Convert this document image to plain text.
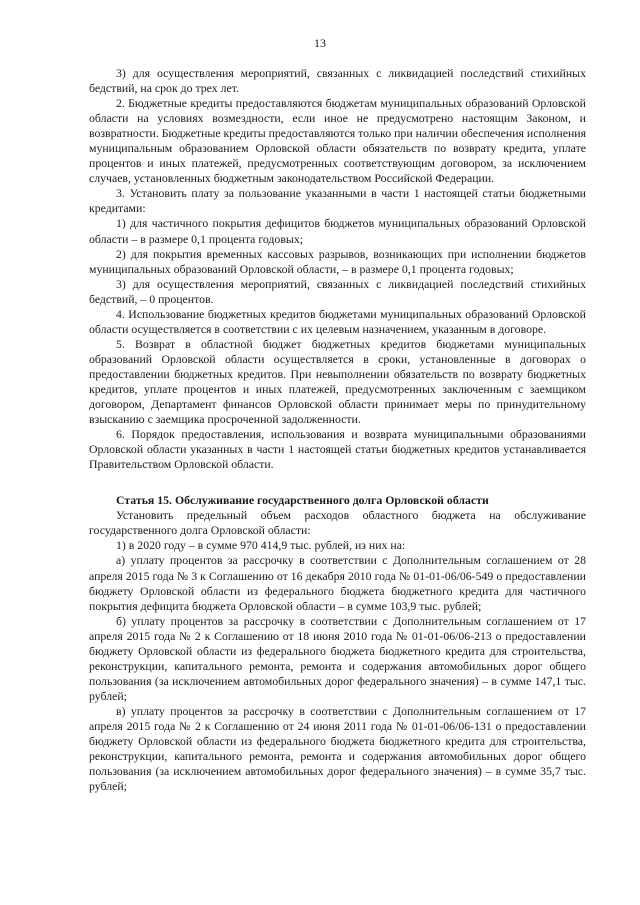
13

3) для осуществления мероприятий, связанных с ликвидацией последствий стихийных бедствий, на срок до трех лет.

2. Бюджетные кредиты предоставляются бюджетам муниципальных образований Орловской области на условиях возмездности, если иное не предусмотрено настоящим Законом, и возвратности. Бюджетные кредиты предоставляются только при наличии обеспечения исполнения муниципальным образованием Орловской области обязательств по возврату кредита, уплате процентов и иных платежей, предусмотренных соответствующим договором, за исключением случаев, установленных бюджетным законодательством Российской Федерации.

3. Установить плату за пользование указанными в части 1 настоящей статьи бюджетными кредитами:

1) для частичного покрытия дефицитов бюджетов муниципальных образований Орловской области – в размере 0,1 процента годовых;

2) для покрытия временных кассовых разрывов, возникающих при исполнении бюджетов муниципальных образований Орловской области, – в размере 0,1 процента годовых;

3) для осуществления мероприятий, связанных с ликвидацией последствий стихийных бедствий, – 0 процентов.

4. Использование бюджетных кредитов бюджетами муниципальных образований Орловской области осуществляется в соответствии с их целевым назначением, указанным в договоре.

5. Возврат в областной бюджет бюджетных кредитов бюджетами муниципальных образований Орловской области осуществляется в сроки, установленные в договорах о предоставлении бюджетных кредитов. При невыполнении обязательств по возврату бюджетных кредитов, уплате процентов и иных платежей, предусмотренных заключенным с заемщиком договором, Департамент финансов Орловской области принимает меры по принудительному взысканию с заемщика просроченной задолженности.

6. Порядок предоставления, использования и возврата муниципальными образованиями Орловской области указанных в части 1 настоящей статьи бюджетных кредитов устанавливается Правительством Орловской области.

Статья 15. Обслуживание государственного долга Орловской области

Установить предельный объем расходов областного бюджета на обслуживание государственного долга Орловской области:

1) в 2020 году – в сумме 970 414,9 тыс. рублей, из них на:

а) уплату процентов за рассрочку в соответствии с Дополнительным соглашением от 28 апреля 2015 года № 3 к Соглашению от 16 декабря 2010 года № 01-01-06/06-549 о предоставлении бюджету Орловской области из федерального бюджета бюджетного кредита для частичного покрытия дефицита бюджета Орловской области – в сумме 103,9 тыс. рублей;

б) уплату процентов за рассрочку в соответствии с Дополнительным соглашением от 17 апреля 2015 года № 2 к Соглашению от 18 июня 2010 года № 01-01-06/06-213 о предоставлении бюджету Орловской области из федерального бюджета бюджетного кредита для строительства, реконструкции, капитального ремонта, ремонта и содержания автомобильных дорог общего пользования (за исключением автомобильных дорог федерального значения) – в сумме 147,1 тыс. рублей;

в) уплату процентов за рассрочку в соответствии с Дополнительным соглашением от 17 апреля 2015 года № 2 к Соглашению от 24 июня 2011 года № 01-01-06/06-131 о предоставлении бюджету Орловской области из федерального бюджета бюджетного кредита для строительства, реконструкции, капитального ремонта, ремонта и содержания автомобильных дорог общего пользования (за исключением автомобильных дорог федерального значения) – в сумме 35,7 тыс. рублей;
